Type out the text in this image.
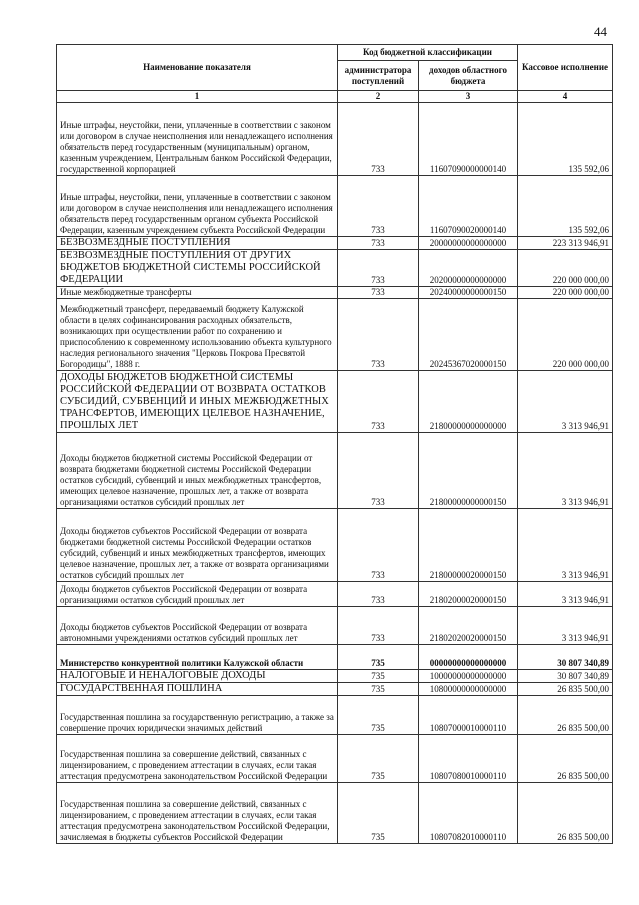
44
Наименование показателя	Код бюджетной классификации		Кассовое исполнение
	администратора поступлений	доходов областного бюджета	
1	2	3	4

Иные штрафы, неустойки, пени, уплаченные в соответствии с законом или договором в случае неисполнения или ненадлежащего исполнения обязательств перед государственным (муниципальным) органом, казенным учреждением, Центральным банком Российской Федерации, государственной корпорацией	733	11607090000000140	135 592,06
Иные штрафы, неустойки, пени, уплаченные в соответствии с законом или договором в случае неисполнения или ненадлежащего исполнения обязательств перед государственным органом субъекта Российской Федерации, казенным учреждением субъекта Российской Федерации	733	11607090020000140	135 592,06
БЕЗВОЗМЕЗДНЫЕ ПОСТУПЛЕНИЯ	733	20000000000000000	223 313 946,91
БЕЗВОЗМЕЗДНЫЕ ПОСТУПЛЕНИЯ ОТ ДРУГИХ БЮДЖЕТОВ БЮДЖЕТНОЙ СИСТЕМЫ РОССИЙСКОЙ ФЕДЕРАЦИИ	733	20200000000000000	220 000 000,00
Иные межбюджетные трансферты	733	20240000000000150	220 000 000,00
Межбюджетный трансферт, передаваемый бюджету Калужской области в целях софинансирования расходных обязательств, возникающих при осуществлении работ по сохранению и приспособлению к современному использованию объекта культурного наследия регионального значения "Церковь Покрова Пресвятой Богородицы", 1888 г.	733	20245367020000150	220 000 000,00
ДОХОДЫ БЮДЖЕТОВ БЮДЖЕТНОЙ СИСТЕМЫ РОССИЙСКОЙ ФЕДЕРАЦИИ ОТ ВОЗВРАТА ОСТАТКОВ СУБСИДИЙ, СУБВЕНЦИЙ И ИНЫХ МЕЖБЮДЖЕТНЫХ ТРАНСФЕРТОВ, ИМЕЮЩИХ ЦЕЛЕВОЕ НАЗНАЧЕНИЕ, ПРОШЛЫХ ЛЕТ	733	21800000000000000	3 313 946,91

Доходы бюджетов бюджетной системы Российской Федерации от возврата бюджетами бюджетной системы Российской Федерации остатков субсидий, субвенций и иных межбюджетных трансфертов, имеющих целевое назначение, прошлых лет, а также от возврата организациями остатков субсидий прошлых лет	733	21800000000000150	3 313 946,91

Доходы бюджетов субъектов Российской Федерации от возврата бюджетами бюджетной системы Российской Федерации остатков субсидий, субвенций и иных межбюджетных трансфертов, имеющих целевое назначение, прошлых лет, а также от возврата организациями остатков субсидий прошлых лет	733	21800000020000150	3 313 946,91
Доходы бюджетов субъектов Российской Федерации от возврата организациями остатков субсидий прошлых лет	733	21802000020000150	3 313 946,91
Доходы бюджетов субъектов Российской Федерации от возврата автономными учреждениями остатков субсидий прошлых лет	733	21802020020000150	3 313 946,91
Министерство конкурентной политики Калужской области	735	00000000000000000	30 807 340,89
НАЛОГОВЫЕ И НЕНАЛОГОВЫЕ ДОХОДЫ	735	10000000000000000	30 807 340,89
ГОСУДАРСТВЕННАЯ ПОШЛИНА	735	10800000000000000	26 835 500,00
Государственная пошлина за государственную регистрацию, а также за совершение прочих юридически значимых действий	735	10807000010000110	26 835 500,00
Государственная пошлина за совершение действий, связанных с лицензированием, с проведением аттестации в случаях, если такая аттестация предусмотрена законодательством Российской Федерации	735	10807080010000110	26 835 500,00
Государственная пошлина за совершение действий, связанных с лицензированием, с проведением аттестации в случаях, если такая аттестация предусмотрена законодательством Российской Федерации, зачисляемая в бюджеты субъектов Российской Федерации	735	10807082010000110	26 835 500,00
